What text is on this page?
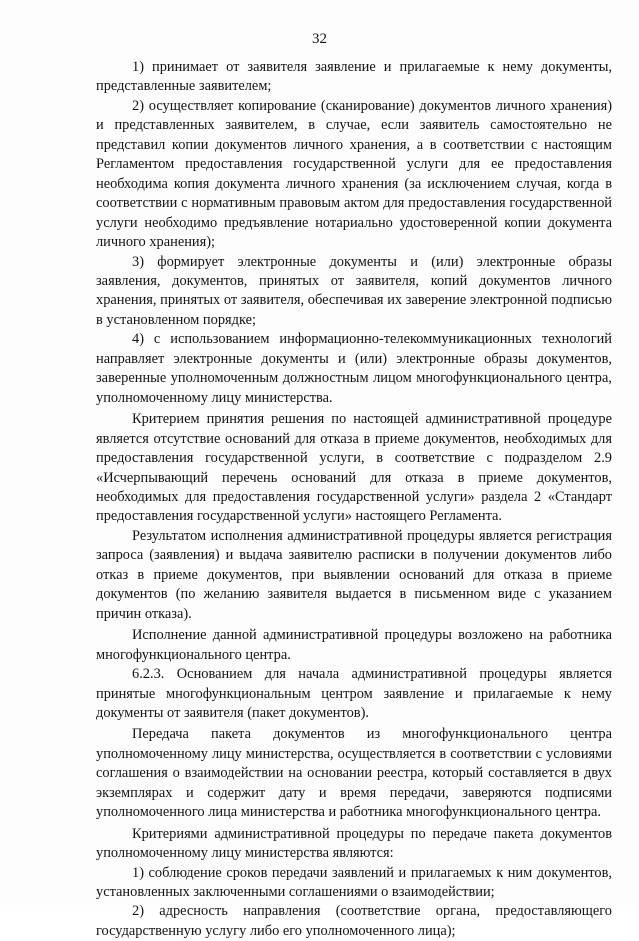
32

1) принимает от заявителя заявление и прилагаемые к нему документы, представленные заявителем;

2) осуществляет копирование (сканирование) документов личного хранения) и представленных заявителем, в случае, если заявитель самостоятельно не представил копии документов личного хранения, а в соответствии с настоящим Регламентом предоставления государственной услуги для ее предоставления необходима копия документа личного хранения (за исключением случая, когда в соответствии с нормативным правовым актом для предоставления государственной услуги необходимо предъявление нотариально удостоверенной копии документа личного хранения);

3) формирует электронные документы и (или) электронные образы заявления, документов, принятых от заявителя, копий документов личного хранения, принятых от заявителя, обеспечивая их заверение электронной подписью в установленном порядке;

4) с использованием информационно-телекоммуникационных технологий направляет электронные документы и (или) электронные образы документов, заверенные уполномоченным должностным лицом многофункционального центра, уполномоченному лицу министерства.

Критерием принятия решения по настоящей административной процедуре является отсутствие оснований для отказа в приеме документов, необходимых для предоставления государственной услуги, в соответствие с подразделом 2.9 «Исчерпывающий перечень оснований для отказа в приеме документов, необходимых для предоставления государственной услуги» раздела 2 «Стандарт предоставления государственной услуги» настоящего Регламента.

Результатом исполнения административной процедуры является регистрация запроса (заявления) и выдача заявителю расписки в получении документов либо отказ в приеме документов, при выявлении оснований для отказа в приеме документов (по желанию заявителя выдается в письменном виде с указанием причин отказа).

Исполнение данной административной процедуры возложено на работника многофункционального центра.

6.2.3. Основанием для начала административной процедуры является принятые многофункциональным центром заявление и прилагаемые к нему документы от заявителя (пакет документов).

Передача пакета документов из многофункционального центра уполномоченному лицу министерства, осуществляется в соответствии с условиями соглашения о взаимодействии на основании реестра, который составляется в двух экземплярах и содержит дату и время передачи, заверяются подписями уполномоченного лица министерства и работника многофункционального центра.

Критериями административной процедуры по передаче пакета документов уполномоченному лицу министерства являются:

1) соблюдение сроков передачи заявлений и прилагаемых к ним документов, установленных заключенными соглашениями о взаимодействии;

2) адресность направления (соответствие органа, предоставляющего государственную услугу либо его уполномоченного лица);
